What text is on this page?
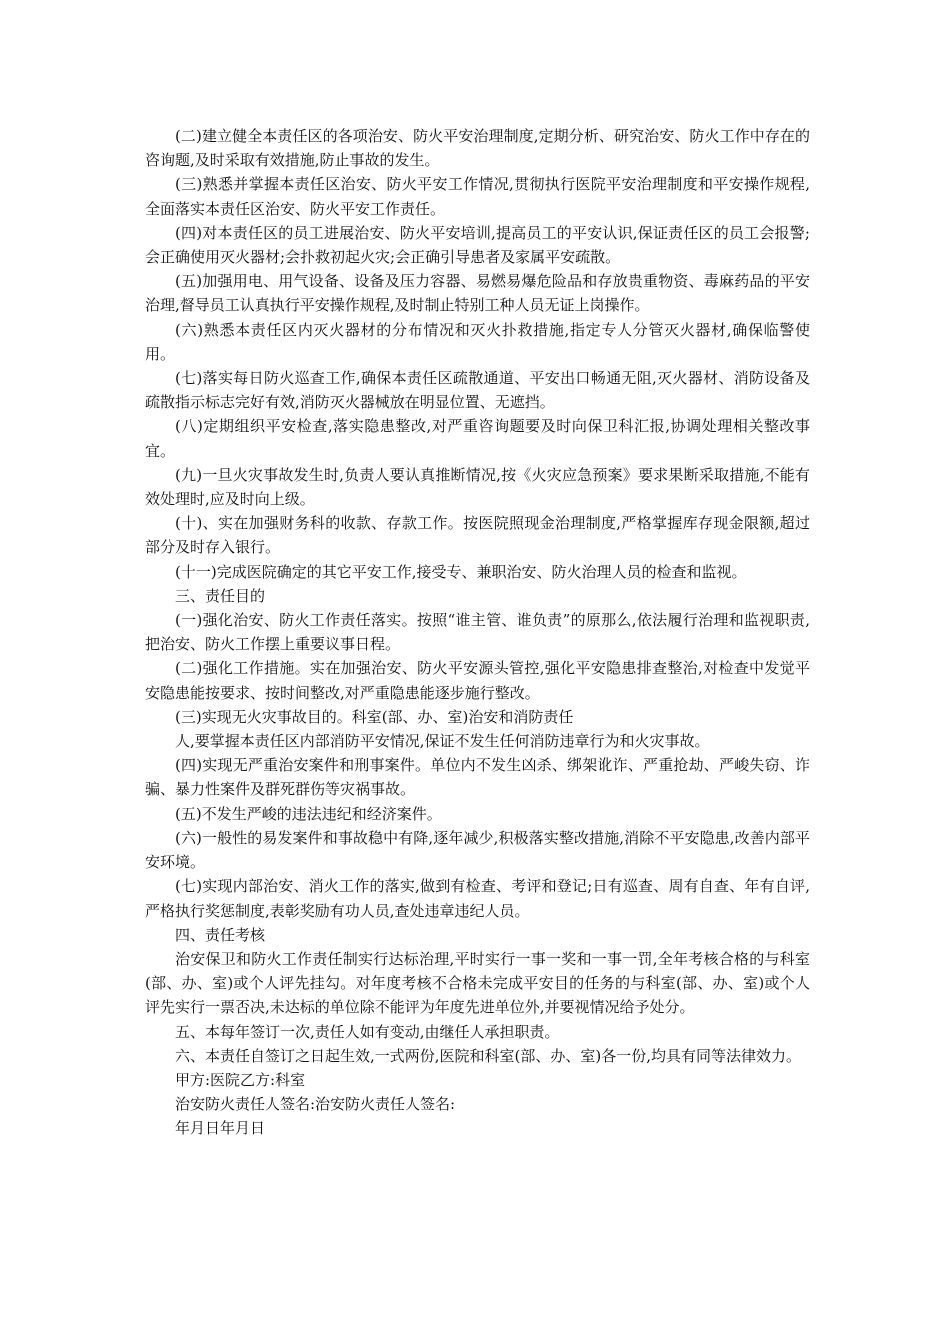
(二)建立健全本责任区的各项治安、防火平安治理制度,定期分析、研究治安、防火工作中存在的咨询题,及时采取有效措施,防止事故的发生。

(三)熟悉并掌握本责任区治安、防火平安工作情况,贯彻执行医院平安治理制度和平安操作规程,全面落实本责任区治安、防火平安工作责任。

(四)对本责任区的员工进展治安、防火平安培训,提高员工的平安认识,保证责任区的员工会报警;会正确使用灭火器材;会扑救初起火灾;会正确引导患者及家属平安疏散。

(五)加强用电、用气设备、设备及压力容器、易燃易爆危险品和存放贵重物资、毒麻药品的平安治理,督导员工认真执行平安操作规程,及时制止特别工种人员无证上岗操作。

(六)熟悉本责任区内灭火器材的分布情况和灭火扑救措施,指定专人分管灭火器材,确保临警使用。

(七)落实每日防火巡查工作,确保本责任区疏散通道、平安出口畅通无阻,灭火器材、消防设备及疏散指示标志完好有效,消防灭火器械放在明显位置、无遮挡。

(八)定期组织平安检查,落实隐患整改,对严重咨询题要及时向保卫科汇报,协调处理相关整改事宜。

(九)一旦火灾事故发生时,负责人要认真推断情况,按《火灾应急预案》要求果断采取措施,不能有效处理时,应及时向上级。

(十)、实在加强财务科的收款、存款工作。按医院照现金治理制度,严格掌握库存现金限额,超过部分及时存入银行。

(十一)完成医院确定的其它平安工作,接受专、兼职治安、防火治理人员的检查和监视。

三、责任目的

(一)强化治安、防火工作责任落实。按照“谁主管、谁负责”的原那么,依法履行治理和监视职责,把治安、防火工作摆上重要议事日程。

(二)强化工作措施。实在加强治安、防火平安源头管控,强化平安隐患排查整治,对检查中发觉平安隐患能按要求、按时间整改,对严重隐患能逐步施行整改。

(三)实现无火灾事故目的。科室(部、办、室)治安和消防责任

人,要掌握本责任区内部消防平安情况,保证不发生任何消防违章行为和火灾事故。

(四)实现无严重治安案件和刑事案件。单位内不发生凶杀、绑架讹诈、严重抢劫、严峻失窃、诈骗、暴力性案件及群死群伤等灾祸事故。

(五)不发生严峻的违法违纪和经济案件。

(六)一般性的易发案件和事故稳中有降,逐年减少,积极落实整改措施,消除不平安隐患,改善内部平安环境。

(七)实现内部治安、消火工作的落实,做到有检查、考评和登记;日有巡查、周有自查、年有自评,严格执行奖惩制度,表彰奖励有功人员,查处违章违纪人员。

四、责任考核

治安保卫和防火工作责任制实行达标治理,平时实行一事一奖和一事一罚,全年考核合格的与科室(部、办、室)或个人评先挂勾。对年度考核不合格未完成平安目的任务的与科室(部、办、室)或个人评先实行一票否决,未达标的单位除不能评为年度先进单位外,并要视情况给予处分。

五、本每年签订一次,责任人如有变动,由继任人承担职责。

六、本责任自签订之日起生效,一式两份,医院和科室(部、办、室)各一份,均具有同等法律效力。

甲方:医院乙方:科室

治安防火责任人签名:治安防火责任人签名:

年月日年月日
